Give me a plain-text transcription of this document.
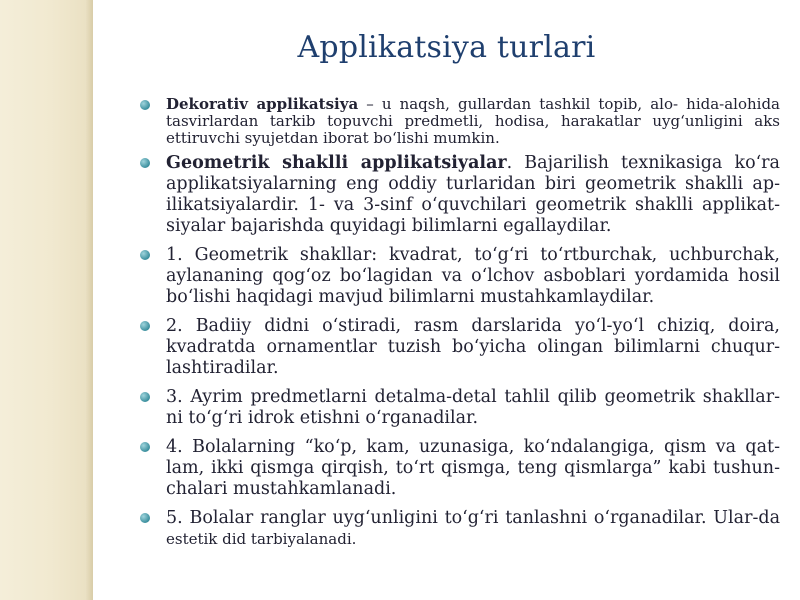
Applikatsiya turlari
Dekorativ applikatsiya – u naqsh, gullardan tashkil topib, alo- hida-alohida tasvirlardan tarkib topuvchi predmetli, hodisa, harakatlar uyg‘unligini aks ettiruvchi syujetdan iborat bo‘lishi mumkin.
Geometrik shaklli applikatsiyalar. Bajarilish texnikasiga ko‘ra applikatsiyalarning eng oddiy turlaridan biri geometrik shaklli ap-ilikatsiyalardir. 1- va 3-sinf o‘quvchilari geometrik shaklli applikat-siyalar bajarishda quyidagi bilimlarni egallaydilar.
1. Geometrik shakllar: kvadrat, to‘g‘ri to‘rtburchak, uchburchak, aylananing qog‘oz bo‘lagidan va o‘lchov asboblari yordamida hosil bo‘lishi haqidagi mavjud bilimlarni mustahkamlaydilar.
2. Badiiy didni o‘stiradi, rasm darslarida yo‘l-yo‘l chiziq, doira, kvadratda ornamentlar tuzish bo‘yicha olingan bilimlarni chuqur-lashtiradilar.
3. Ayrim predmetlarni detalma-detal tahlil qilib geometrik shakllar-ni to‘g‘ri idrok etishni o‘rganadilar.
4. Bolalarning “ko‘p, kam, uzunasiga, ko‘ndalangiga, qism va qat-lam, ikki qismga qirqish, to‘rt qismga, teng qismlarga” kabi tushun-chalari mustahkamlanadi.
5. Bolalar ranglar uyg‘unligini to‘g‘ri tanlashni o‘rganadilar. Ular-da estetik did tarbiyalanadi.
